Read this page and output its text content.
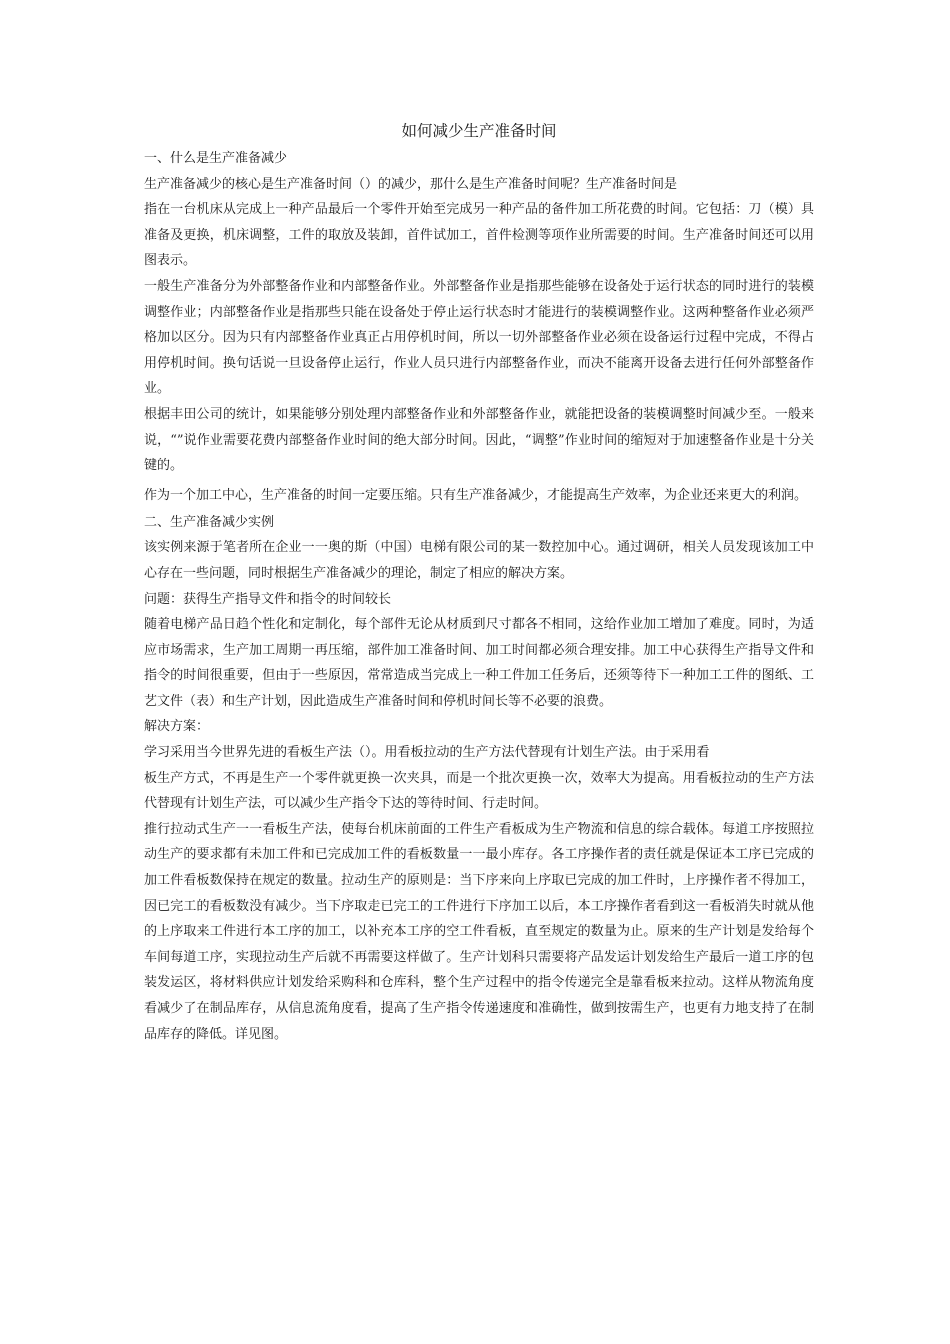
如何减少生产准备时间

一、什么是生产准备减少

生产准备减少的核心是生产准备时间（）的减少，那什么是生产准备时间呢？生产准备时间是

指在一台机床从完成上一种产品最后一个零件开始至完成另一种产品的备件加工所花费的时间。它包括：刀（模）具准备及更换，机床调整，工件的取放及装卸，首件试加工，首件检测等项作业所需要的时间。生产准备时间还可以用图表示。

一般生产准备分为外部整备作业和内部整备作业。外部整备作业是指那些能够在设备处于运行状态的同时进行的装模调整作业；内部整备作业是指那些只能在设备处于停止运行状态时才能进行的装模调整作业。这两种整备作业必须严格加以区分。因为只有内部整备作业真正占用停机时间，所以一切外部整备作业必须在设备运行过程中完成，不得占用停机时间。换句话说一旦设备停止运行，作业人员只进行内部整备作业，而决不能离开设备去进行任何外部整备作业。

根据丰田公司的统计，如果能够分别处理内部整备作业和外部整备作业，就能把设备的装模调整时间减少至。一般来说，“”说作业需要花费内部整备作业时间的绝大部分时间。因此，“调整”作业时间的缩短对于加速整备作业是十分关键的。

作为一个加工中心，生产准备的时间一定要压缩。只有生产准备减少，才能提高生产效率，为企业还来更大的利润。

二、生产准备减少实例

该实例来源于笔者所在企业一一奥的斯（中国）电梯有限公司的某一数控加中心。通过调研，相关人员发现该加工中心存在一些问题，同时根据生产准备减少的理论，制定了相应的解决方案。

问题：获得生产指导文件和指令的时间较长

随着电梯产品日趋个性化和定制化，每个部件无论从材质到尺寸都各不相同，这给作业加工增加了难度。同时，为适应市场需求，生产加工周期一再压缩，部件加工准备时间、加工时间都必须合理安排。加工中心获得生产指导文件和指令的时间很重要，但由于一些原因，常常造成当完成上一种工件加工任务后，还须等待下一种加工工件的图纸、工艺文件（表）和生产计划，因此造成生产准备时间和停机时间长等不必要的浪费。

解决方案：

学习采用当今世界先进的看板生产法（）。用看板拉动的生产方法代替现有计划生产法。由于采用看

板生产方式，不再是生产一个零件就更换一次夹具，而是一个批次更换一次，效率大为提高。用看板拉动的生产方法代替现有计划生产法，可以减少生产指令下达的等待时间、行走时间。

推行拉动式生产一一看板生产法，使每台机床前面的工件生产看板成为生产物流和信息的综合载体。每道工序按照拉动生产的要求都有未加工件和已完成加工件的看板数量一一最小库存。各工序操作者的责任就是保证本工序已完成的加工件看板数保持在规定的数量。拉动生产的原则是：当下序来向上序取已完成的加工件时，上序操作者不得加工，因已完工的看板数没有减少。当下序取走已完工的工件进行下序加工以后，本工序操作者看到这一看板消失时就从他的上序取来工件进行本工序的加工，以补充本工序的空工件看板，直至规定的数量为止。原来的生产计划是发给每个车间每道工序，实现拉动生产后就不再需要这样做了。生产计划科只需要将产品发运计划发给生产最后一道工序的包装发运区，将材料供应计划发给采购科和仓库科，整个生产过程中的指令传递完全是靠看板来拉动。这样从物流角度看减少了在制品库存，从信息流角度看，提高了生产指令传递速度和准确性，做到按需生产，也更有力地支持了在制品库存的降低。详见图。
